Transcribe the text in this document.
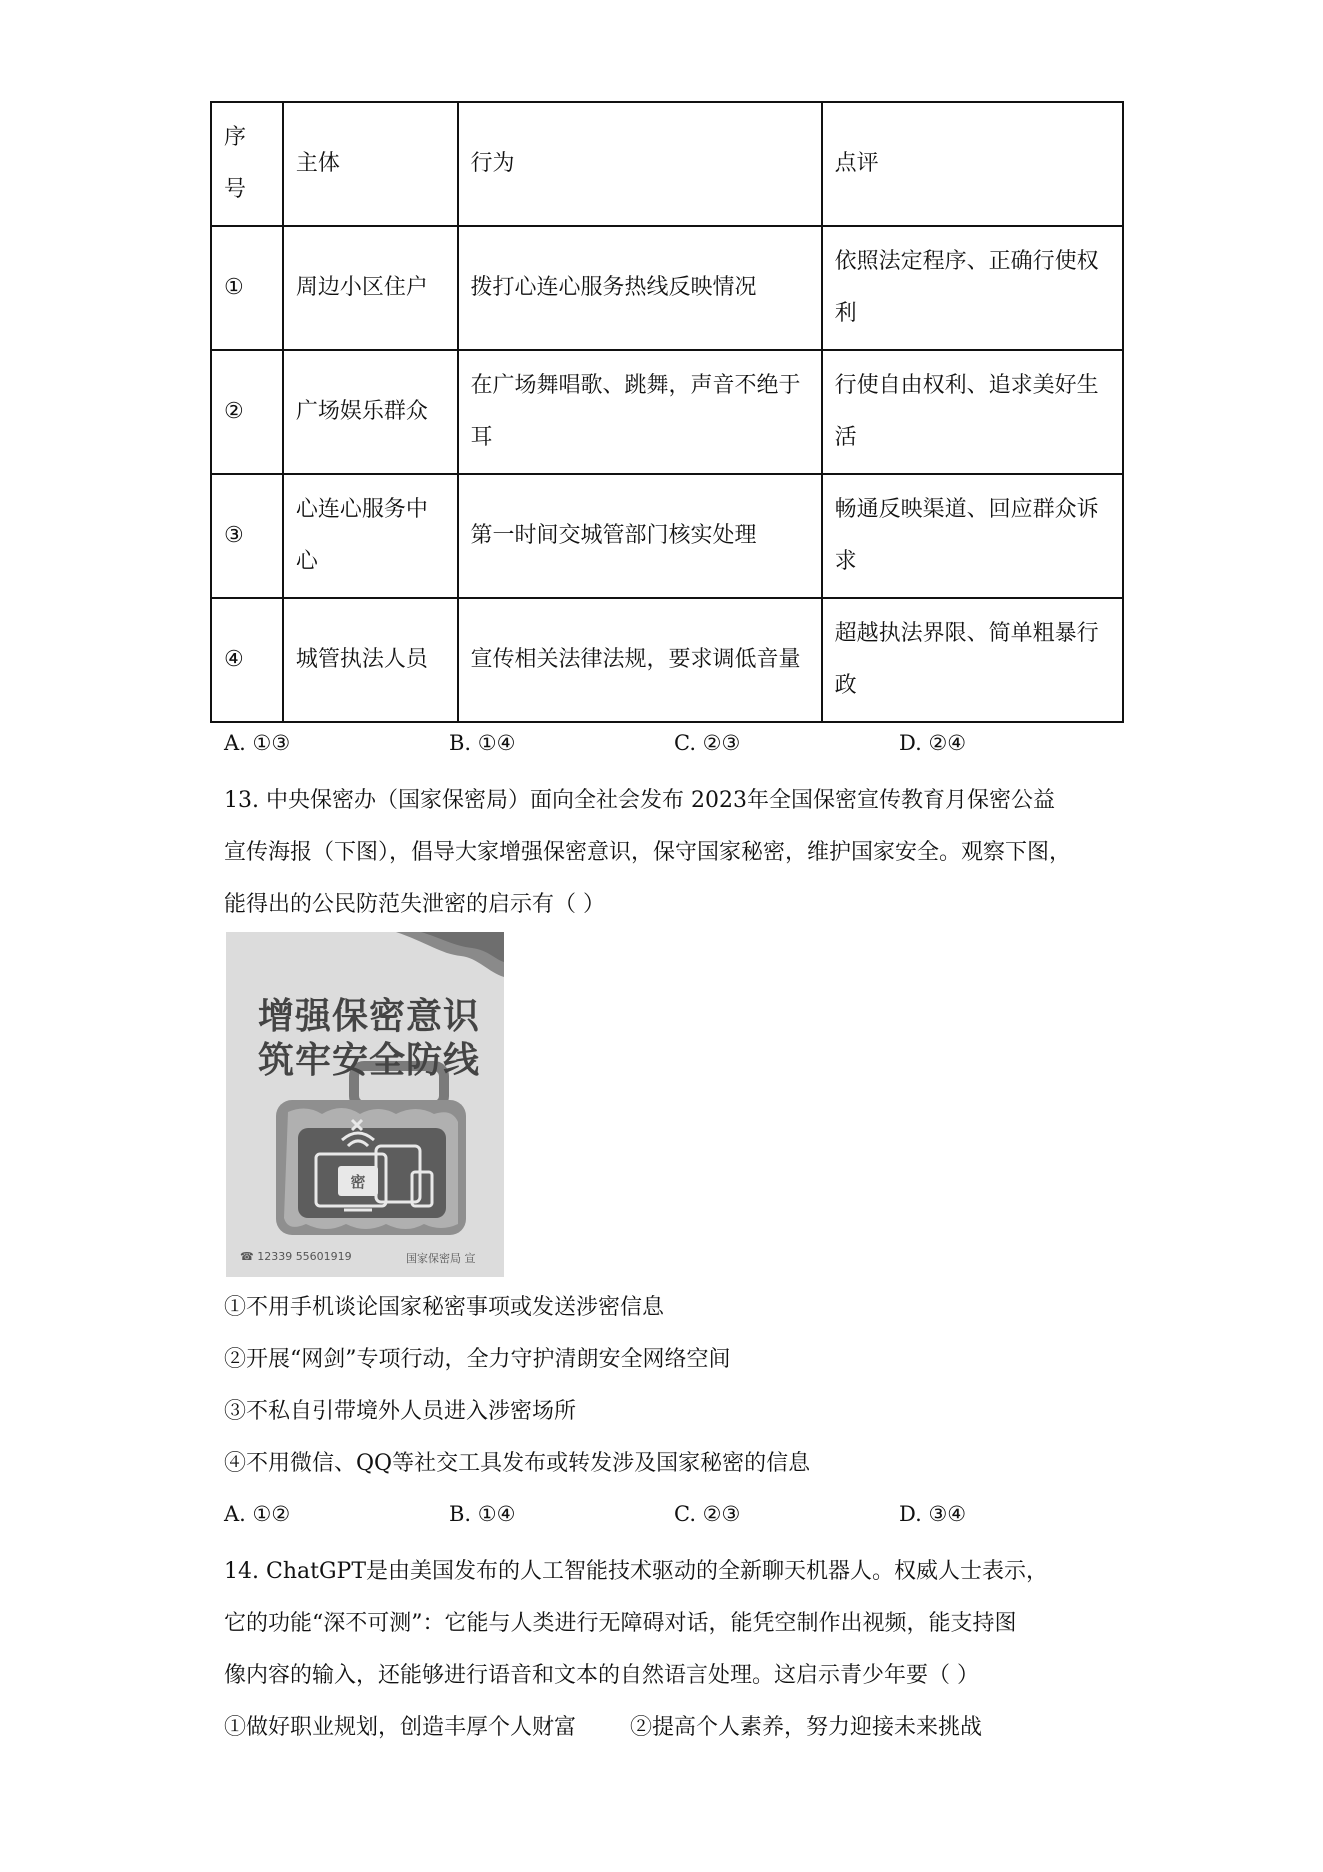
序号	主体	行为	点评
①	周边小区住户	拨打心连心服务热线反映情况	依照法定程序、正确行使权利
②	广场娱乐群众	在广场舞唱歌、跳舞，声音不绝于耳	行使自由权利、追求美好生活
③	心连心服务中心	第一时间交城管部门核实处理	畅通反映渠道、回应群众诉求
④	城管执法人员	宣传相关法律法规，要求调低音量	超越执法界限、简单粗暴行政
A. ①③	B. ①④	C. ②③	D. ②④
13. 中央保密办（国家保密局）面向全社会发布 2023年全国保密宣传教育月保密公益
宣传海报（下图），倡导大家增强保密意识，保守国家秘密，维护国家安全。观察下图，
能得出的公民防范失泄密的启示有（ ）
密
增强保密意识
筑牢安全防线
☎ 12339 55601919	国家保密局 宣
①不用手机谈论国家秘密事项或发送涉密信息
②开展“网剑”专项行动，全力守护清朗安全网络空间
③不私自引带境外人员进入涉密场所
④不用微信、QQ等社交工具发布或转发涉及国家秘密的信息
A. ①②	B. ①④	C. ②③	D. ③④
14. ChatGPT是由美国发布的人工智能技术驱动的全新聊天机器人。权威人士表示，
它的功能“深不可测”：它能与人类进行无障碍对话，能凭空制作出视频，能支持图
像内容的输入，还能够进行语音和文本的自然语言处理。这启示青少年要（ ）
①做好职业规划，创造丰厚个人财富 ②提高个人素养，努力迎接未来挑战
